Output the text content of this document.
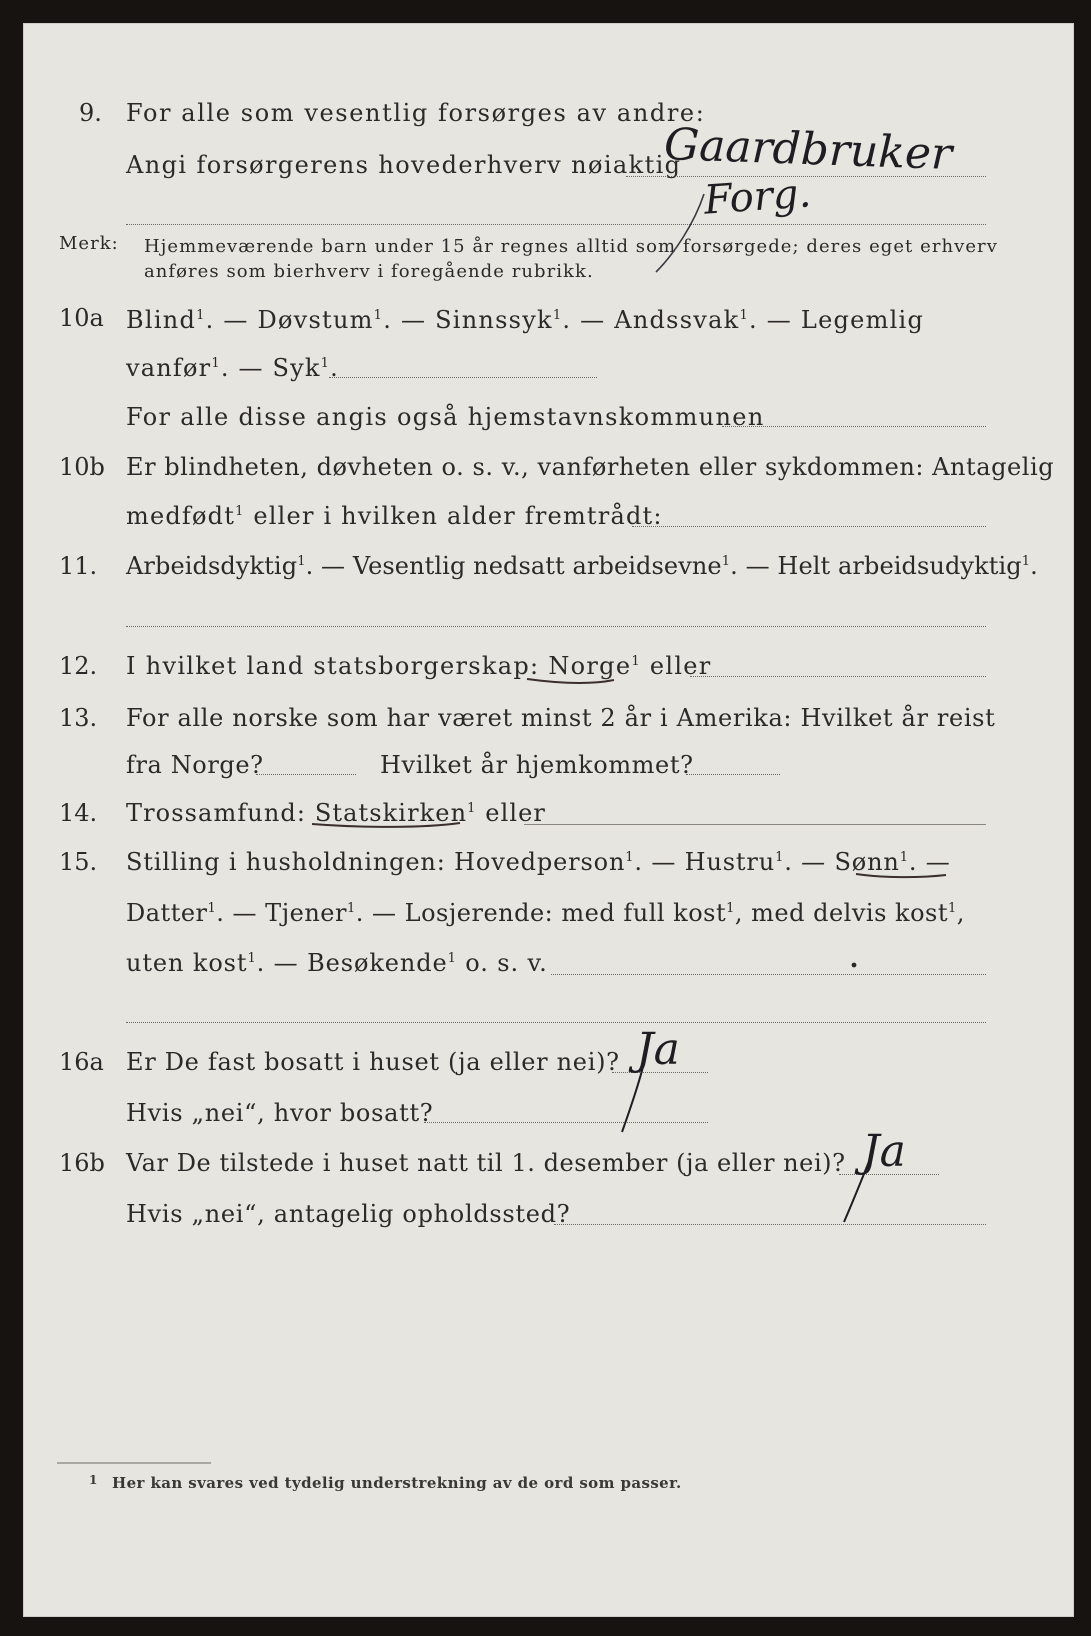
9. For alle som vesentlig forsørges av andre:
Angi forsørgerens hovederhverv nøiaktig
Gaardbruker
Forg.
Merk: Hjemmeværende barn under 15 år regnes alltid som forsørgede; deres eget erhverv
anføres som bierhverv i foregående rubrikk.
10a Blind$^1$. — Døvstum$^1$. — Sinnssyk$^1$. — Andssvak$^1$. — Legemlig
vanfør$^1$. — Syk$^1$.
For alle disse angis også hjemstavnskommunen
10b Er blindheten, døvheten o. s. v., vanførheten eller sykdommen: Antagelig
medfødt$^1$ eller i hvilken alder fremtrådt:
11. Arbeidsdyktig$^1$. — Vesentlig nedsatt arbeidsevne$^1$. — Helt arbeidsudyktig$^1$.
12. I hvilket land statsborgerskap: Norge$^1$ eller
13. For alle norske som har været minst 2 år i Amerika: Hvilket år reist
fra Norge?	Hvilket år hjemkommet?
14. Trossamfund: Statskirken$^1$ eller
15. Stilling i husholdningen: Hovedperson$^1$. — Hustru$^1$. — Sønn$^1$. —
Datter$^1$. — Tjener$^1$. — Losjerende: med full kost$^1$, med delvis kost$^1$,
uten kost$^1$. — Besøkende$^1$ o. s. v.
16a Er De fast bosatt i huset (ja eller nei)? Ja
Hvis „nei“, hvor bosatt?
16b Var De tilstede i huset natt til 1. desember (ja eller nei)? Ja
Hvis „nei“, antagelig opholdssted?
1 Her kan svares ved tydelig understrekning av de ord som passer.
